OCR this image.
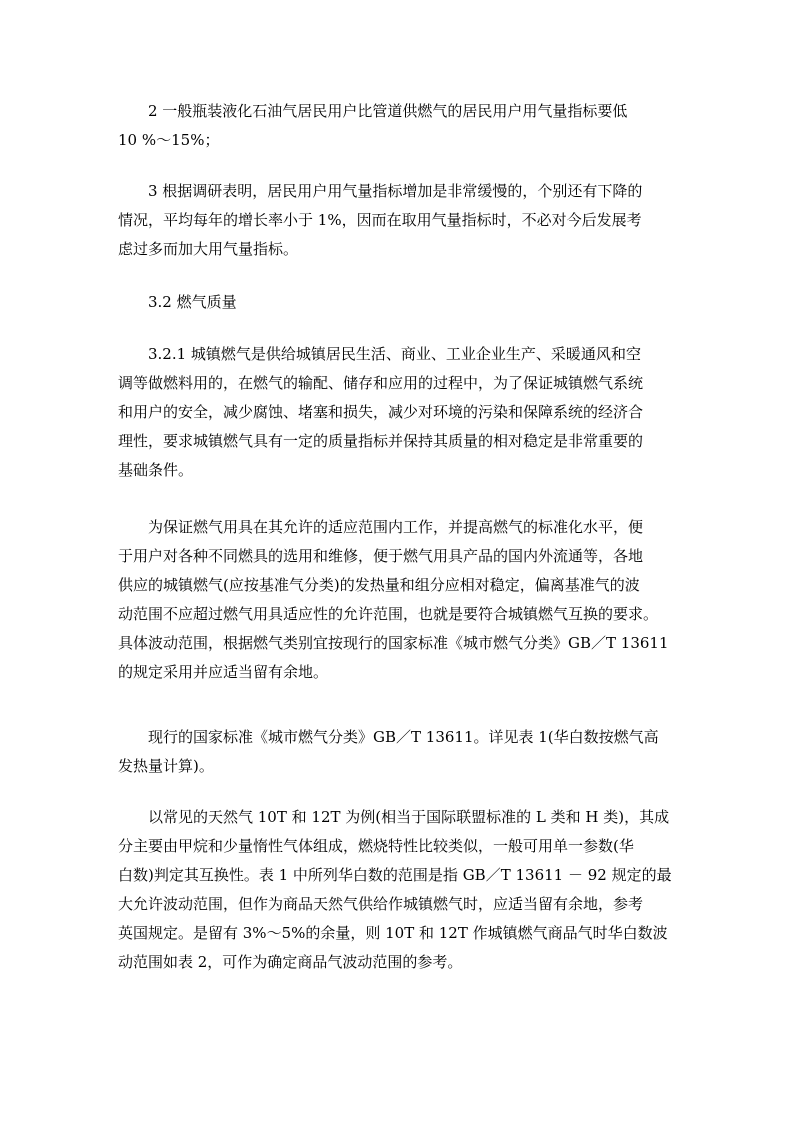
2 一般瓶装液化石油气居民用户比管道供燃气的居民用户用气量指标要低
10 %～15%；
3 根据调研表明，居民用户用气量指标增加是非常缓慢的，个别还有下降的
情况，平均每年的增长率小于 1%，因而在取用气量指标时，不必对今后发展考
虑过多而加大用气量指标。
3.2 燃气质量
3.2.1 城镇燃气是供给城镇居民生活、商业、工业企业生产、采暖通风和空
调等做燃料用的，在燃气的输配、储存和应用的过程中，为了保证城镇燃气系统
和用户的安全，减少腐蚀、堵塞和损失，减少对环境的污染和保障系统的经济合
理性，要求城镇燃气具有一定的质量指标并保持其质量的相对稳定是非常重要的
基础条件。
为保证燃气用具在其允许的适应范围内工作，并提高燃气的标准化水平，便
于用户对各种不同燃具的选用和维修，便于燃气用具产品的国内外流通等，各地
供应的城镇燃气(应按基准气分类)的发热量和组分应相对稳定，偏离基准气的波
动范围不应超过燃气用具适应性的允许范围，也就是要符合城镇燃气互换的要求。
具体波动范围，根据燃气类别宜按现行的国家标准《城市燃气分类》GB／T 13611
的规定采用并应适当留有余地。
现行的国家标准《城市燃气分类》GB／T 13611。详见表 1(华白数按燃气高
发热量计算)。
以常见的天然气 10T 和 12T 为例(相当于国际联盟标准的 L 类和 H 类)，其成
分主要由甲烷和少量惰性气体组成，燃烧特性比较类似，一般可用单一参数(华
白数)判定其互换性。表 1 中所列华白数的范围是指 GB／T 13611 － 92 规定的最
大允许波动范围，但作为商品天然气供给作城镇燃气时，应适当留有余地，参考
英国规定。是留有 3%～5%的余量，则 10T 和 12T 作城镇燃气商品气时华白数波
动范围如表 2，可作为确定商品气波动范围的参考。
